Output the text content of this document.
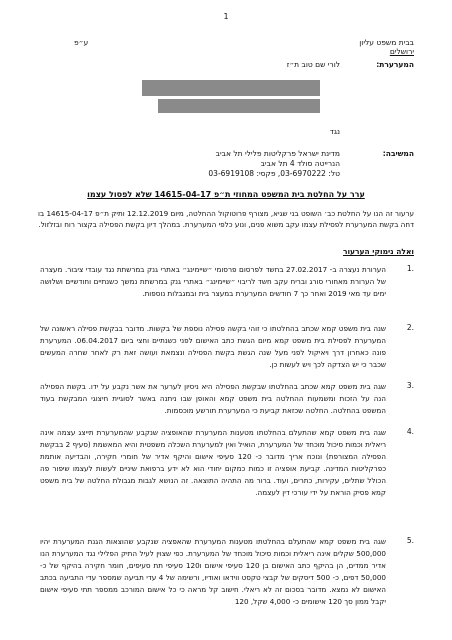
1
בבית משפט עליון
ירושלים
ע״פ
המערערת:
לורי שם טוב ת״ז
נגד
המשיבה:
מדינת ישראל פרקליטות פלילי תל אביב
הנרייטה סולד 4 תל אביב
טל: 03-6970222, פקסי: 03-6919108
ערר על החלטת בית המשפט המחוזי ת״פ 14615-04-17 שלא לפסול עצמו
ערעור זה הנו על החלטת כב׳ השופט בני שגיא, מצורף פרוטוקול ההחלטה, מיום 12.12.2019 ותיק ת״פ 14615-04-17 בו דחה בקשת המערערת לפסילת עצמו עקב משוא פנים, ונוע כלפי המערערת. במהלך דיון בקשת הפסילה בקצור רוח ובזלזול.
ואלה נימוקי הערעור
1.
הערורת נעצרה ב- 27.02.2017 בחשד לפרסום פרסומי ״שיימינג״ באתרי גנק במרשתת נגד עובדי ציבור. מעצרה של הערורת מאחורי סורג ובריח עקב חשד לריבוי ״שיימינג״ באתרי גנק במרשתת נמשך כשנתיים וחודשיים ושלושה ימים עד מאי 2019 ואחר כך 7 חודשים המערערת במעצר בית ובמגבלות נוספות.
2.
שנה בית משפט קמא שכתב בהחלטתו כי זוהי בקשה פסילה נוספת של בקשות. מדובר בבקשת פסילה ראשונה של המערערת לפסילת בית משפט קמא מיום הגשת כתב האישום לפני כשנתיים וחצי ביום 06.04.2017. המערערת פונה כאחרון דרך ויאיקול לפני מעל שנה הגשת בקשת הפסילה ונצמאת ועושה זאת רק לאחר שחרה המעשים שכבר כי יש הצדקה לכך ויש לעשות כן.
3.
שגה בית משפט קמא שכתב בהחלטתו שבקשת הפסילה היא ניסיון לערער את אשר נקבע על ידו. בקשת הפסילה הנה על הזכות ומשמעות ההחלטה בית משפט קמא והאופן שבו ניתנה באשר לסוגיית חיצוגי המבקשת בעוד המשפט בהחלטה. החלטה שכזאת קביעת כי המערערת תורשע מוכסמות.
4.
שגה בית משפט קמא שהתעלם בהחלטתו מטענות המערערת שהאופציה שנקבע שהמערערת תייצג עצמה אינה ריאלית וכמות סיכול מוכחד של המערערת, הואיל ואין למערערת השכלה משפטית והיא המאשמת (סעיף 2 בבקשת הפסילה המצורפת) ונוכח אריך מדובר כ- 120 סעיפי אישום והיקף אדיר של חומרי חקירה, והבדיעה אותמת כפרקליטות המדינה. קביעת אופציה זו כמות כמקום יחודי הוא לא ידע ברפואת שיניים לעשות לעצמו שיפור פה הכולל שתלים, עקירות, כתרים, ועוד. ברור מה התהיה התוצאה. זה הנושא לגבות מגבולת החלטה של בית משפט קמא פסיק הוראת על ידי עורכי דין לעצמה.
5.
שגה בית משפט קמא שהתעלם בהחלטתו מטענות המערערת שהאפציה שנקבע שהוצאות הגנת המערערת יהיו 500,000 שקלים אינה ריאלית וכמות סיכול מוכחד של המערערת. כפי שצוין לעיל התיק הפלילי נגד המערערת הנו אדיר ממדים, הן בהיקף כתב האישום בן 120 סעיפי אישום ו120 סעיפי תת סעיפים, חומר חקירה בהיקף של כ- 50,000 דפים, כ- 500 דיסקים של קבצי טקסט ווידאו ואודיו, ורשימה של 4 עדי תביעה שמספר עדי התביעה בכתב האישום לא נמצא. מדובר בסכום זה לא ריאלי. חישוב קל מראה כי כל אישום המורכב ממספר תתי סעיפי אישום יקבל ממון סך 120 אישומים כ- 4,000 שקל, 120
